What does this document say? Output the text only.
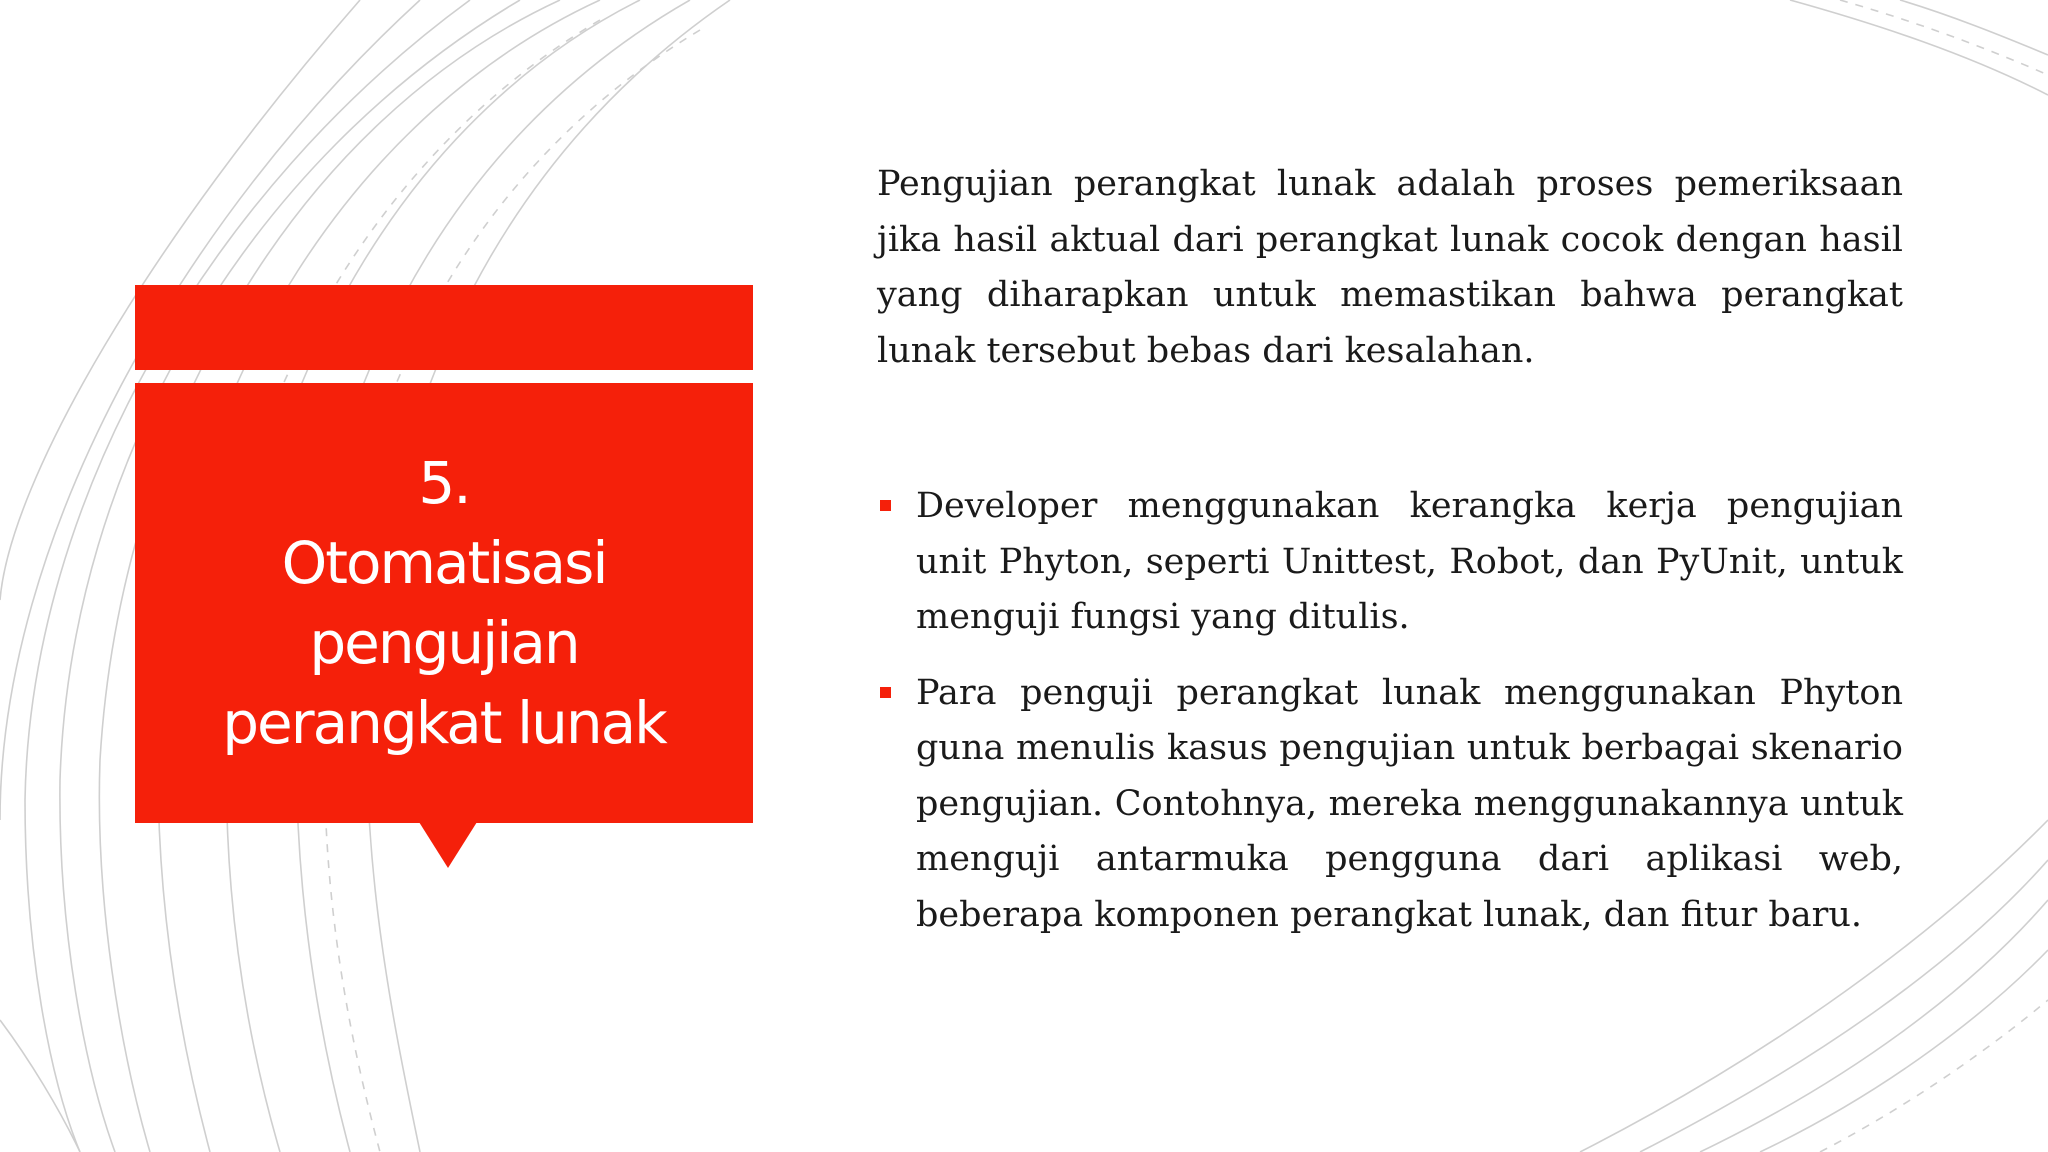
5.
Otomatisasi
pengujian
perangkat lunak

Pengujian perangkat lunak adalah proses pemeriksaan jika hasil aktual dari perangkat lunak cocok dengan hasil yang diharapkan untuk memastikan bahwa perangkat lunak tersebut bebas dari kesalahan.

Developer menggunakan kerangka kerja pengujian unit Phyton, seperti Unittest, Robot, dan PyUnit, untuk menguji fungsi yang ditulis.
Para penguji perangkat lunak menggunakan Phyton guna menulis kasus pengujian untuk berbagai skenario pengujian. Contohnya, mereka menggunakannya untuk menguji antarmuka pengguna dari aplikasi web, beberapa komponen perangkat lunak, dan fitur baru.
